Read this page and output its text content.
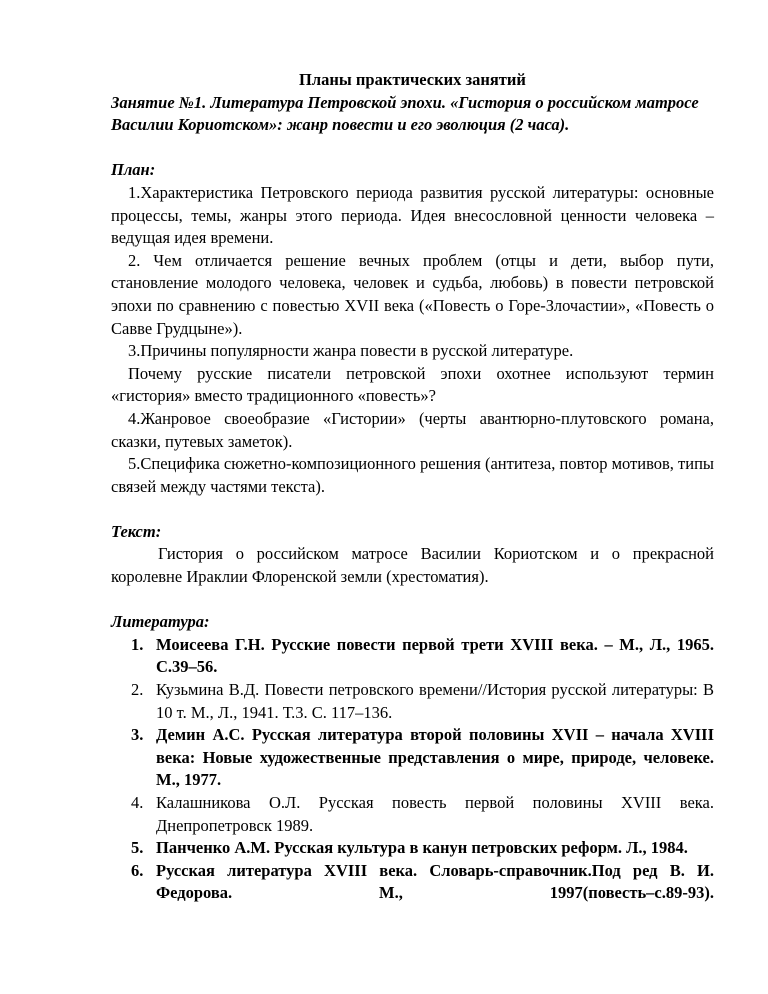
Планы практических занятий

Занятие №1. Литература Петровской эпохи. «Гистория о российском матросе Василии Кориотском»: жанр повести и его эволюция (2 часа).

План:

1.Характеристика Петровского периода развития русской литературы: основные процессы, темы, жанры этого периода. Идея внесословной ценности человека – ведущая идея времени.

2. Чем отличается решение вечных проблем (отцы и дети, выбор пути, становление молодого человека, человек и судьба, любовь) в повести петровской эпохи по сравнению с повестью XVII века («Повесть о Горе-Злочастии», «Повесть о Савве Грудцыне»).

3.Причины популярности жанра повести в русской литературе.

Почему русские писатели петровской эпохи охотнее используют термин «гистория» вместо традиционного «повесть»?

4.Жанровое своеобразие «Гистории» (черты авантюрно-плутовского романа, сказки, путевых заметок).

5.Специфика сюжетно-композиционного решения (антитеза, повтор мотивов, типы связей между частями текста).

Текст:

Гистория о российском матросе Василии Кориотском и о прекрасной королевне Ираклии Флоренской земли (хрестоматия).

Литература:

1. Моисеева Г.Н. Русские повести первой трети XVIII века. – М., Л., 1965. С.39–56.
2. Кузьмина В.Д. Повести петровского времени//История русской литературы: В 10 т. М., Л., 1941. Т.3. С. 117–136.
3. Демин А.С. Русская литература второй половины XVII – начала XVIII века: Новые художественные представления о мире, природе, человеке. М., 1977.
4. Калашникова О.Л. Русская повесть первой половины XVIII века. Днепропетровск 1989.
5. Панченко А.М. Русская культура в канун петровских реформ. Л., 1984.
6. Русская литература XVIII века. Словарь-справочник.Под ред В. И. Федорова. М., 1997(повесть–с.89-93).
